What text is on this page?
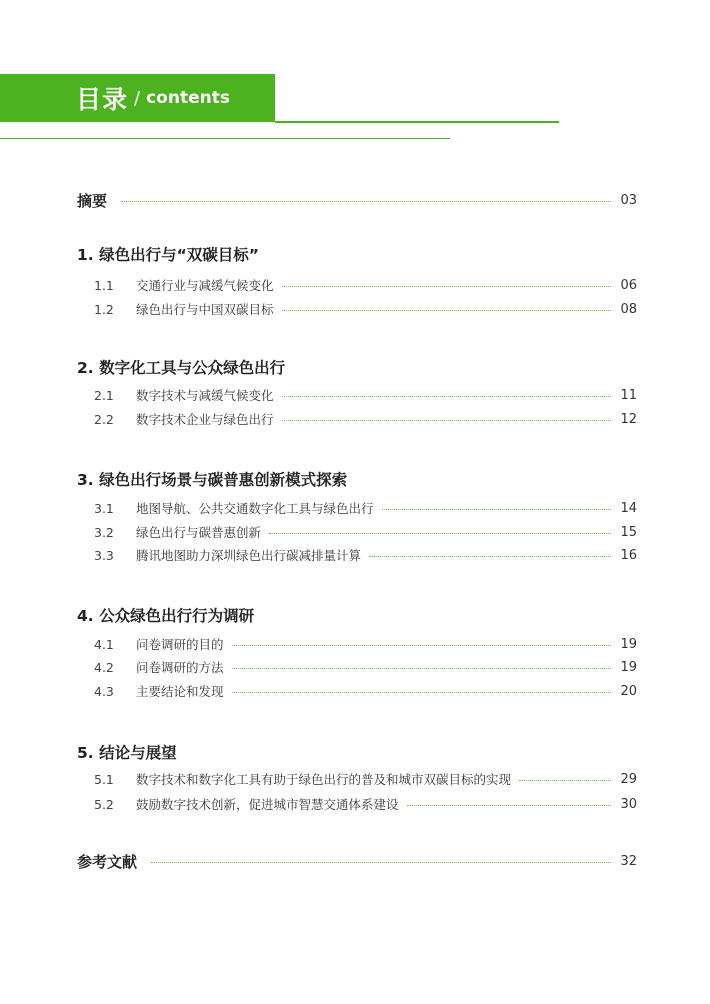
目录 / contents
摘要	03
1. 绿色出行与“双碳目标”
1.1	交通行业与减缓气候变化	06
1.2	绿色出行与中国双碳目标	08
2. 数字化工具与公众绿色出行
2.1	数字技术与减缓气候变化	11
2.2	数字技术企业与绿色出行	12
3. 绿色出行场景与碳普惠创新模式探索
3.1	地图导航、公共交通数字化工具与绿色出行	14
3.2	绿色出行与碳普惠创新	15
3.3	腾讯地图助力深圳绿色出行碳减排量计算	16
4. 公众绿色出行行为调研
4.1	问卷调研的目的	19
4.2	问卷调研的方法	19
4.3	主要结论和发现	20
5. 结论与展望
5.1	数字技术和数字化工具有助于绿色出行的普及和城市双碳目标的实现	29
5.2	鼓励数字技术创新，促进城市智慧交通体系建设	30
参考文献	32
